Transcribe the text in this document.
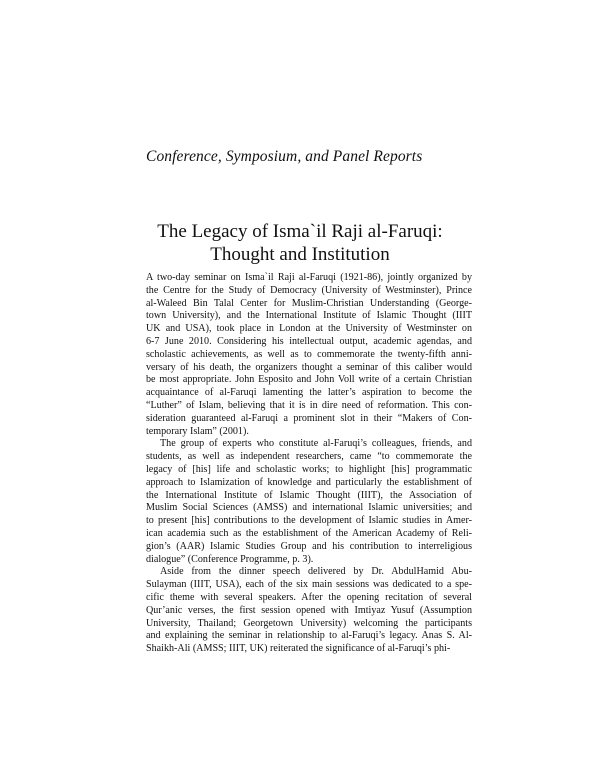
Conference, Symposium, and Panel Reports
The Legacy of Isma`il Raji al-Faruqi:
Thought and Institution
A two-day seminar on Isma`il Raji al-Faruqi (1921-86), jointly organized by
the Centre for the Study of Democracy (University of Westminster), Prince
al-Waleed Bin Talal Center for Muslim-Christian Understanding (George-
town University), and the International Institute of Islamic Thought (IIIT
UK and USA), took place in London at the University of Westminster on
6-7 June 2010. Considering his intellectual output, academic agendas, and
scholastic achievements, as well as to commemorate the twenty-fifth anni-
versary of his death, the organizers thought a seminar of this caliber would
be most appropriate. John Esposito and John Voll write of a certain Christian
acquaintance of al-Faruqi lamenting the latter’s aspiration to become the
“Luther” of Islam, believing that it is in dire need of reformation. This con-
sideration guaranteed al-Faruqi a prominent slot in their “Makers of Con-
temporary Islam” (2001).
The group of experts who constitute al-Faruqi’s colleagues, friends, and
students, as well as independent researchers, came “to commemorate the
legacy of [his] life and scholastic works; to highlight [his] programmatic
approach to Islamization of knowledge and particularly the establishment of
the International Institute of Islamic Thought (IIIT), the Association of
Muslim Social Sciences (AMSS) and international Islamic universities; and
to present [his] contributions to the development of Islamic studies in Amer-
ican academia such as the establishment of the American Academy of Reli-
gion’s (AAR) Islamic Studies Group and his contribution to interreligious
dialogue” (Conference Programme, p. 3).
Aside from the dinner speech delivered by Dr. AbdulHamid Abu-
Sulayman (IIIT, USA), each of the six main sessions was dedicated to a spe-
cific theme with several speakers. After the opening recitation of several
Qur’anic verses, the first session opened with Imtiyaz Yusuf (Assumption
University, Thailand; Georgetown University) welcoming the participants
and explaining the seminar in relationship to al-Faruqi’s legacy. Anas S. Al-
Shaikh-Ali (AMSS; IIIT, UK) reiterated the significance of al-Faruqi’s phi-
